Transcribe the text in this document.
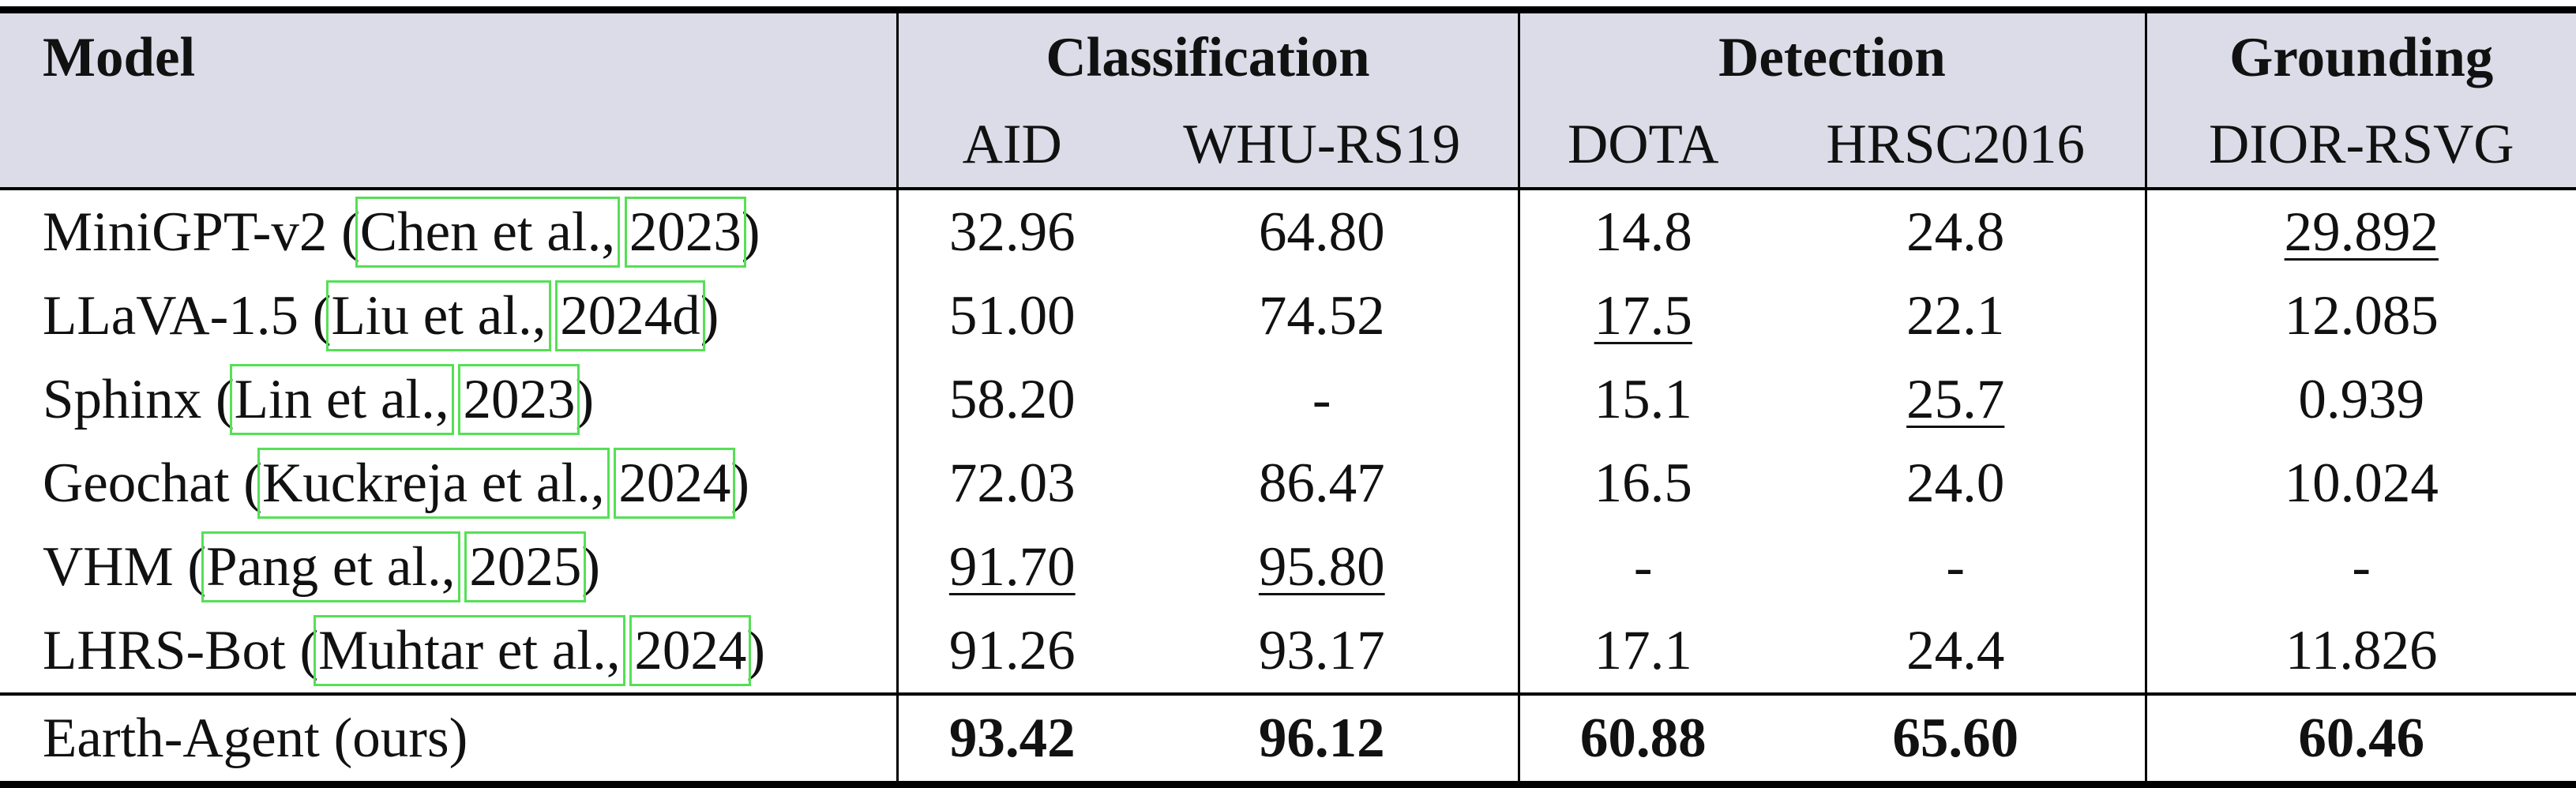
Model	Classification		Detection		Grounding
	AID	WHU-RS19	DOTA	HRSC2016	DIOR-RSVG
MiniGPT-v2 (Chen et al., 2023)	32.96	64.80	14.8	24.8	29.892
LLaVA-1.5 (Liu et al., 2024d)	51.00	74.52	17.5	22.1	12.085
Sphinx (Lin et al., 2023)	58.20	-	15.1	25.7	0.939
Geochat (Kuckreja et al., 2024)	72.03	86.47	16.5	24.0	10.024
VHM (Pang et al., 2025)	91.70	95.80	-	-	-
LHRS-Bot (Muhtar et al., 2024)	91.26	93.17	17.1	24.4	11.826
Earth-Agent (ours)	93.42	96.12	60.88	65.60	60.46
